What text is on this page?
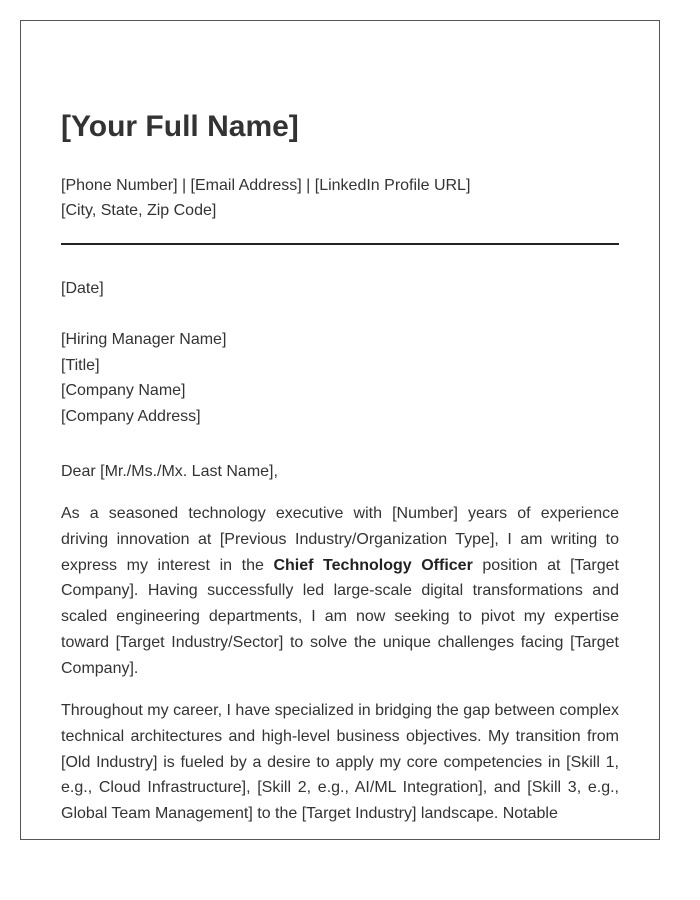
[Your Full Name]
[Phone Number] | [Email Address] | [LinkedIn Profile URL]
[City, State, Zip Code]
[Date]
[Hiring Manager Name]
[Title]
[Company Name]
[Company Address]
Dear [Mr./Ms./Mx. Last Name],

As a seasoned technology executive with [Number] years of experience driving innovation at [Previous Industry/Organization Type], I am writing to express my interest in the Chief Technology Officer position at [Target Company]. Having successfully led large-scale digital transformations and scaled engineering departments, I am now seeking to pivot my expertise toward [Target Industry/Sector] to solve the unique challenges facing [Target Company].

Throughout my career, I have specialized in bridging the gap between complex technical architectures and high-level business objectives. My transition from [Old Industry] is fueled by a desire to apply my core competencies in [Skill 1, e.g., Cloud Infrastructure], [Skill 2, e.g., AI/ML Integration], and [Skill 3, e.g., Global Team Management] to the [Target Industry] landscape. Notable
